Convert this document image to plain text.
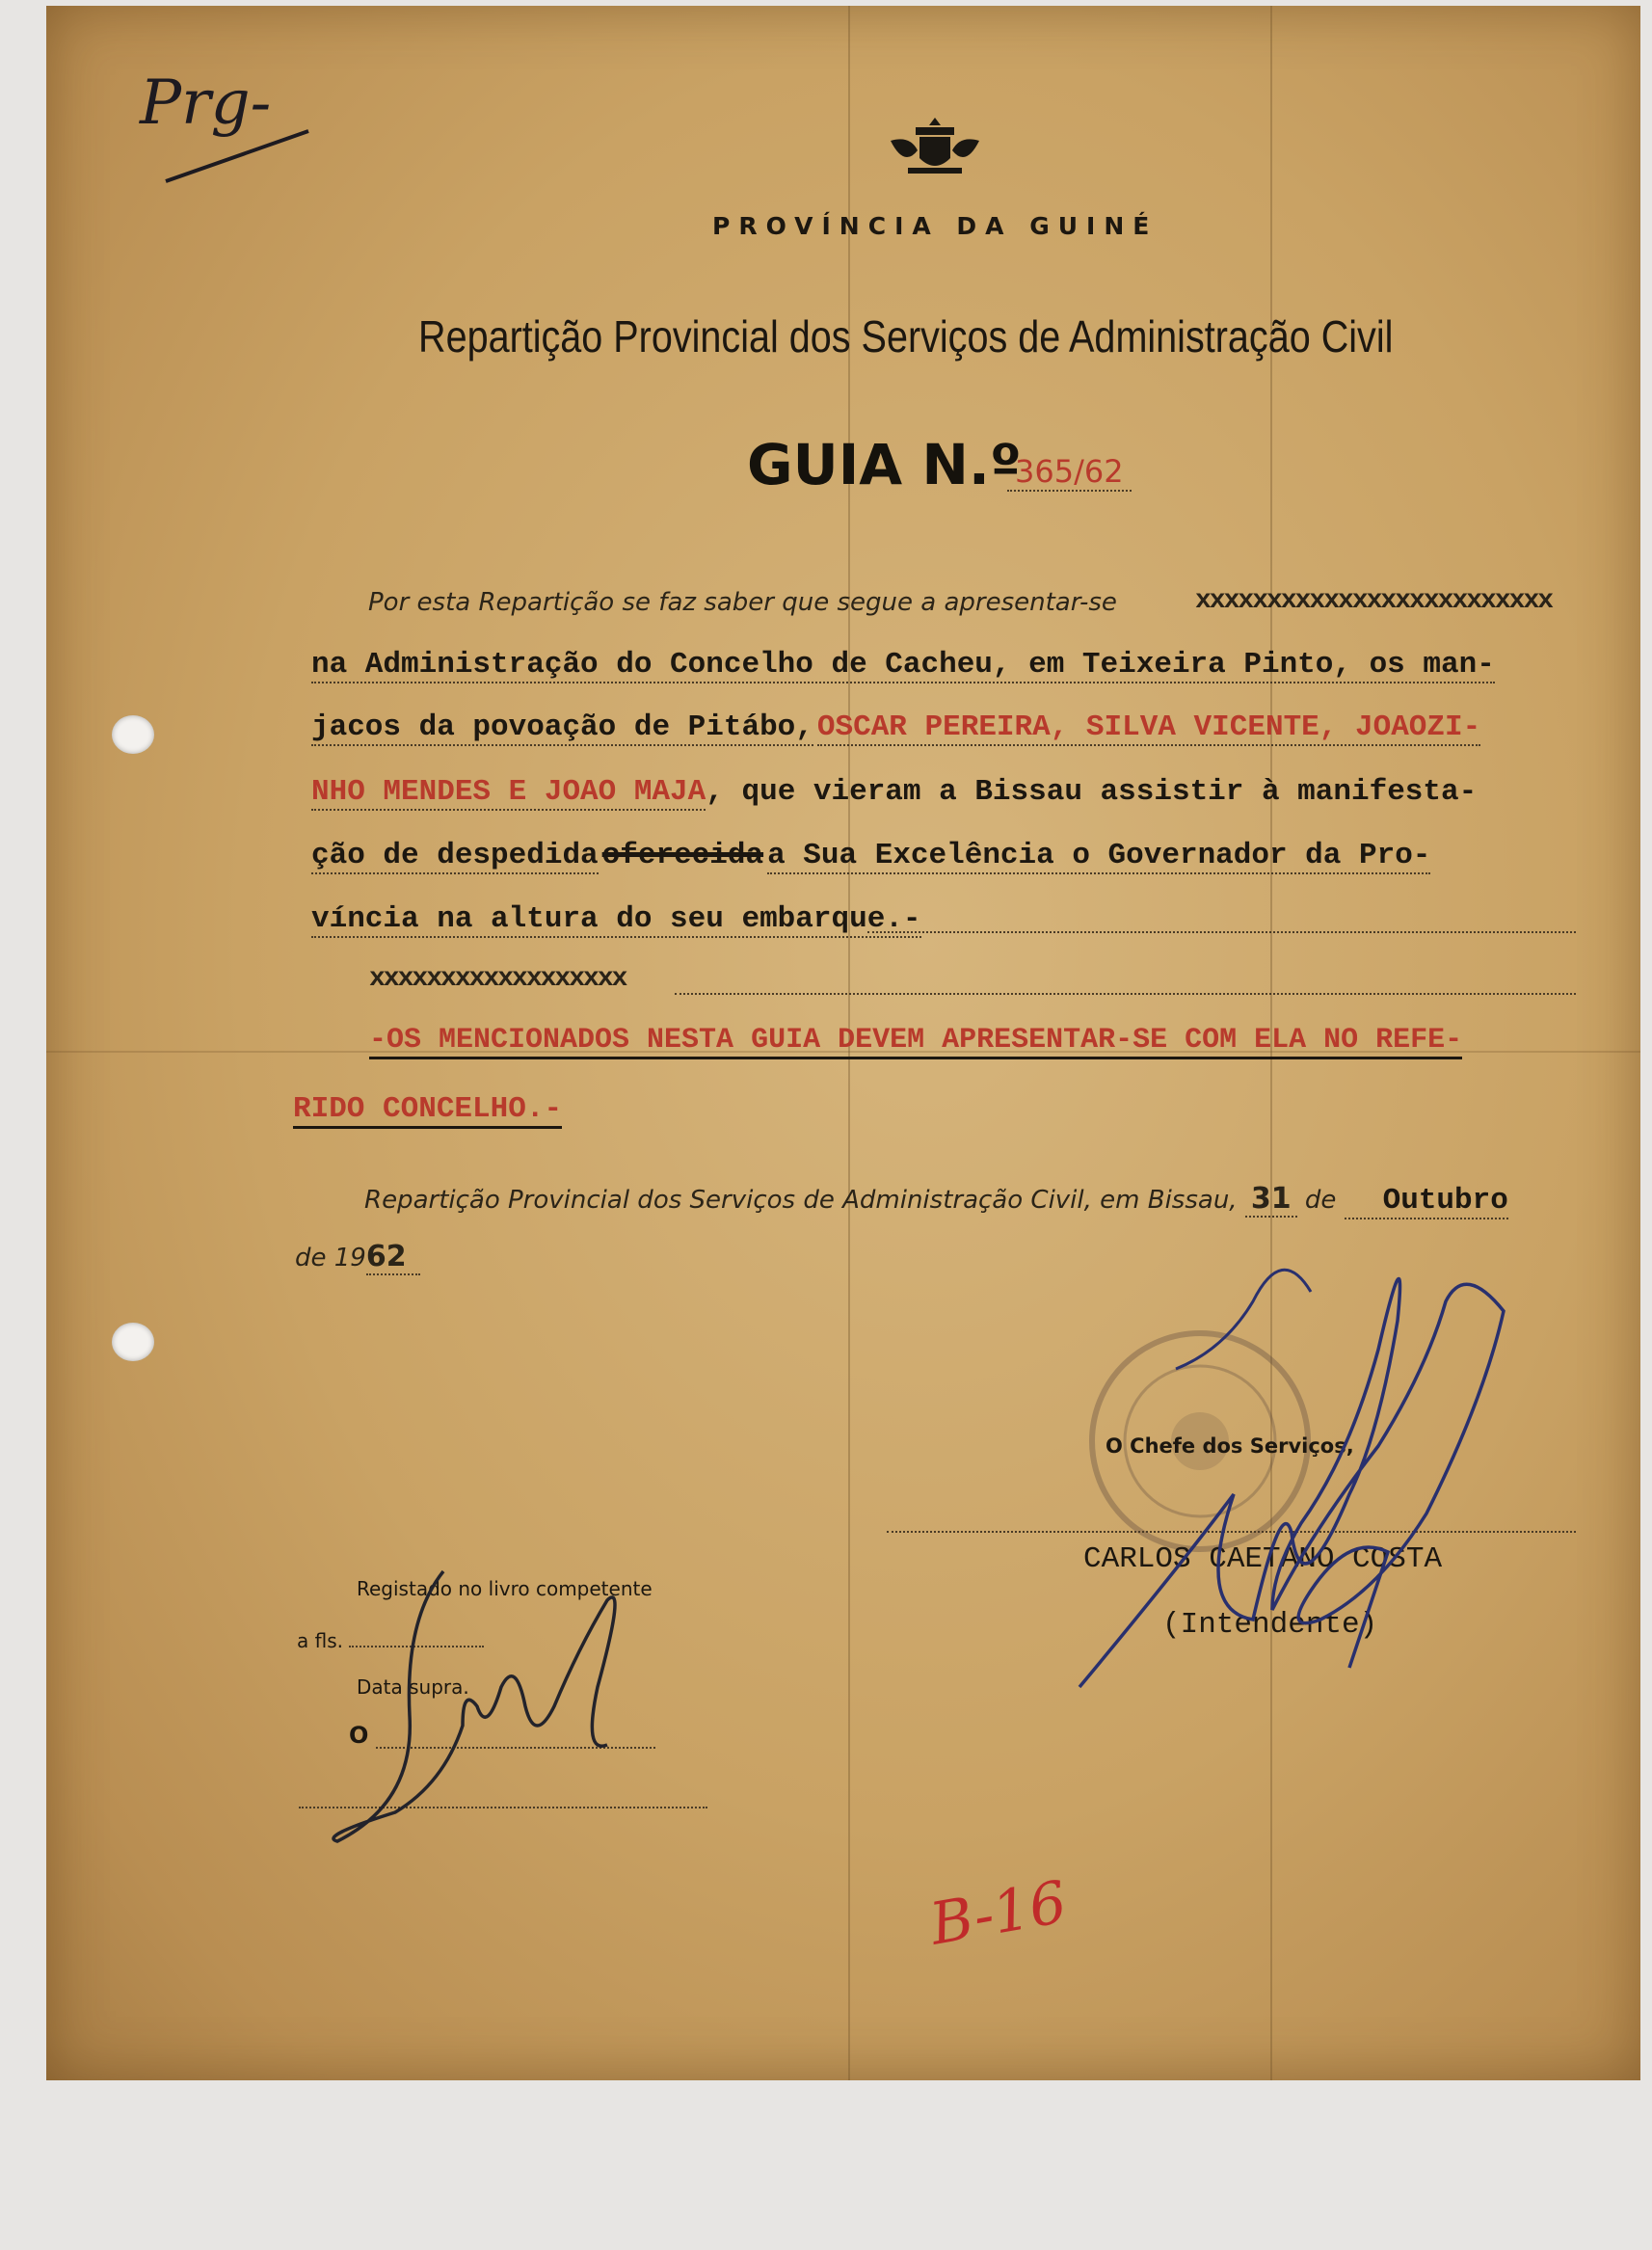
Prg-
PROVÍNCIA DA GUINÉ
Repartição Provincial dos Serviços de Administração Civil
GUIA N.º
365/62
Por esta Repartição se faz saber que segue a apresentar-se	xxxxxxxxxxxxxxxxxxxxxxxxx
na Administração do Concelho de Cacheu, em Teixeira Pinto, os man-
jacos da povoação de Pitábo, OSCAR PEREIRA, SILVA VICENTE, JOAOZI-
NHO MENDES E JOAO MAJA, que vieram a Bissau assistir à manifesta-
ção de despedida oferecida a Sua Excelência o Governador da Pro-
víncia na altura do seu embarque.-
xxxxxxxxxxxxxxxxxx
-OS MENCIONADOS NESTA GUIA DEVEM APRESENTAR-SE COM ELA NO REFE-
RIDO CONCELHO.-
Repartição Provincial dos Serviços de Administração Civil, em Bissau, 31 de Outubro
de 1962
O Chefe dos Serviços,
CARLOS CAETANO COSTA
(Intendente)
Registado no livro competente
a fls.
Data supra.
O
B-16
